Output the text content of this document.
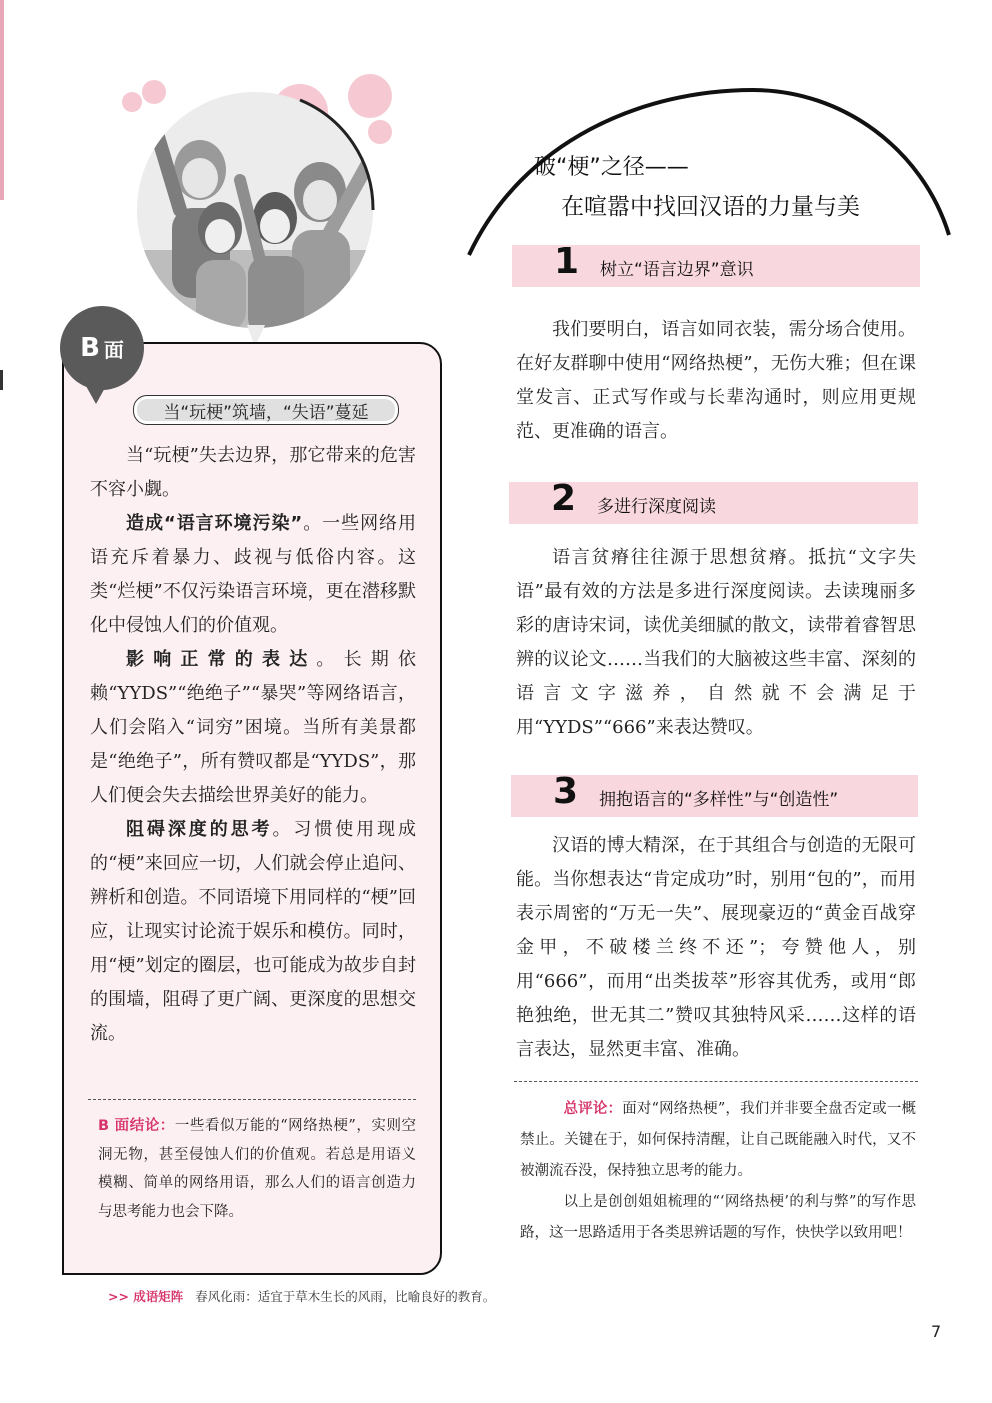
B 面
当“玩梗”筑墙，“失语”蔓延

当“玩梗”失去边界，那它带来的危害不容小觑。

造成“语言环境污染”。一些网络用语充斥着暴力、歧视与低俗内容。这类“烂梗”不仅污染语言环境，更在潜移默化中侵蚀人们的价值观。

影响正常的表达。长期依赖“YYDS”“绝绝子”“暴哭”等网络语言，人们会陷入“词穷”困境。当所有美景都是“绝绝子”，所有赞叹都是“YYDS”，那人们便会失去描绘世界美好的能力。

阻碍深度的思考。习惯使用现成的“梗”来回应一切，人们就会停止追问、辨析和创造。不同语境下用同样的“梗”回应，让现实讨论流于娱乐和模仿。同时，用“梗”划定的圈层，也可能成为故步自封的围墙，阻碍了更广阔、更深度的思想交流。

B 面结论：一些看似万能的“网络热梗”，实则空洞无物，甚至侵蚀人们的价值观。若总是用语义模糊、简单的网络用语，那么人们的语言创造力与思考能力也会下降。
破“梗”之径——
在喧嚣中找回汉语的力量与美
1 树立“语言边界”意识

我们要明白，语言如同衣装，需分场合使用。在好友群聊中使用“网络热梗”，无伤大雅；但在课堂发言、正式写作或与长辈沟通时，则应用更规范、更准确的语言。

2 多进行深度阅读

语言贫瘠往往源于思想贫瘠。抵抗“文字失语”最有效的方法是多进行深度阅读。去读瑰丽多彩的唐诗宋词，读优美细腻的散文，读带着睿智思辨的议论文……当我们的大脑被这些丰富、深刻的语言文字滋养，自然就不会满足于用“YYDS”“666”来表达赞叹。

3 拥抱语言的“多样性”与“创造性”

汉语的博大精深，在于其组合与创造的无限可能。当你想表达“肯定成功”时，别用“包的”，而用表示周密的“万无一失”、展现豪迈的“黄金百战穿金甲，不破楼兰终不还”；夸赞他人，别用“666”，而用“出类拔萃”形容其优秀，或用“郎艳独绝，世无其二”赞叹其独特风采……这样的语言表达，显然更丰富、准确。

总评论：面对“网络热梗”，我们并非要全盘否定或一概禁止。关键在于，如何保持清醒，让自己既能融入时代，又不被潮流吞没，保持独立思考的能力。

以上是创创姐姐梳理的“‘网络热梗’的利与弊”的写作思路，这一思路适用于各类思辨话题的写作，快快学以致用吧！

>> 成语矩阵 春风化雨：适宜于草木生长的风雨，比喻良好的教育。
7
